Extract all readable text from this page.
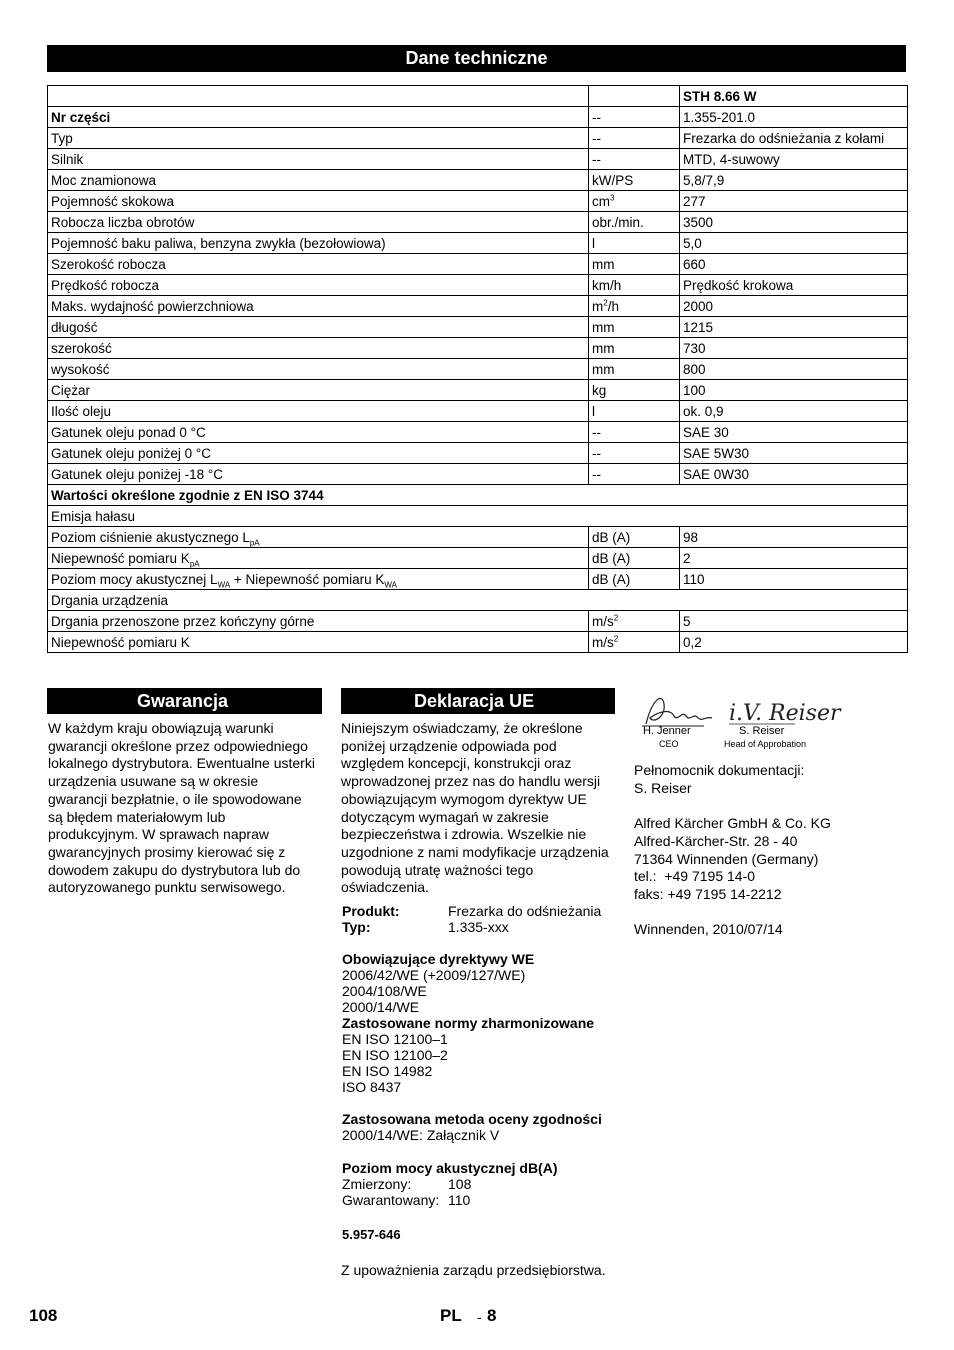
Dane techniczne
		STH 8.66 W
Nr części	--	1.355-201.0
Typ	--	Frezarka do odśnieżania z kołami
Silnik	--	MTD, 4-suwowy
Moc znamionowa	kW/PS	5,8/7,9
Pojemność skokowa	$cm^3$	277
Robocza liczba obrotów	obr./min.	3500
Pojemność baku paliwa, benzyna zwykła (bezołowiowa)	l	5,0
Szerokość robocza	mm	660
Prędkość robocza	km/h	Prędkość krokowa
Maks. wydajność powierzchniowa	$m^2/h$	2000
długość	mm	1215
szerokość	mm	730
wysokość	mm	800
Ciężar	kg	100
Ilość oleju	l	ok. 0,9
Gatunek oleju ponad 0 °C	--	SAE 30
Gatunek oleju poniżej 0 °C	--	SAE 5W30
Gatunek oleju poniżej -18 °C	--	SAE 0W30
Wartości określone zgodnie z EN ISO 3744		
Emisja hałasu		
Poziom ciśnienie akustycznego $L_{pA}$	dB (A)	98
Niepewność pomiaru $K_{pA}$	dB (A)	2
Poziom mocy akustycznej $L_{WA}$ + Niepewność pomiaru $K_{WA}$	dB (A)	110
Drgania urządzenia		
Drgania przenoszone przez kończyny górne	$m/s^2$	5
Niepewność pomiaru K	$m/s^2$	0,2
Gwarancja
W każdym kraju obowiązują warunki
gwarancji określone przez odpowiedniego
lokalnego dystrybutora. Ewentualne usterki
urządzenia usuwane są w okresie
gwarancji bezpłatnie, o ile spowodowane
są błędem materiałowym lub
produkcyjnym. W sprawach napraw
gwarancyjnych prosimy kierować się z
dowodem zakupu do dystrybutora lub do
autoryzowanego punktu serwisowego.
Deklaracja UE
Niniejszym oświadczamy, że określone
poniżej urządzenie odpowiada pod
względem koncepcji, konstrukcji oraz
wprowadzonej przez nas do handlu wersji
obowiązującym wymogom dyrektyw UE
dotyczącym wymagań w zakresie
bezpieczeństwa i zdrowia. Wszelkie nie
uzgodnione z nami modyfikacje urządzenia
powodują utratę ważności tego
oświadczenia.
Produkt:	Frezarka do odśnieżania
Typ:	1.335-xxx
Obowiązujące dyrektywy WE
2006/42/WE (+2009/127/WE)
2004/108/WE
2000/14/WE
Zastosowane normy zharmonizowane
EN ISO 12100–1
EN ISO 12100–2
EN ISO 14982
ISO 8437
Zastosowana metoda oceny zgodności
2000/14/WE: Załącznik V
Poziom mocy akustycznej dB(A)
Zmierzony:	108
Gwarantowany: 110
5.957-646
Z upoważnienia zarządu przedsiębiorstwa.
i.V. Reiser
H. Jenner
CEO
S. Reiser
Head of Approbation
Pełnomocnik dokumentacji:
S. Reiser
Alfred Kärcher GmbH & Co. KG
Alfred-Kärcher-Str. 28 - 40
71364 Winnenden (Germany)
tel.:  +49 7195 14-0
faks: +49 7195 14-2212
Winnenden, 2010/07/14
108	PL - 8
